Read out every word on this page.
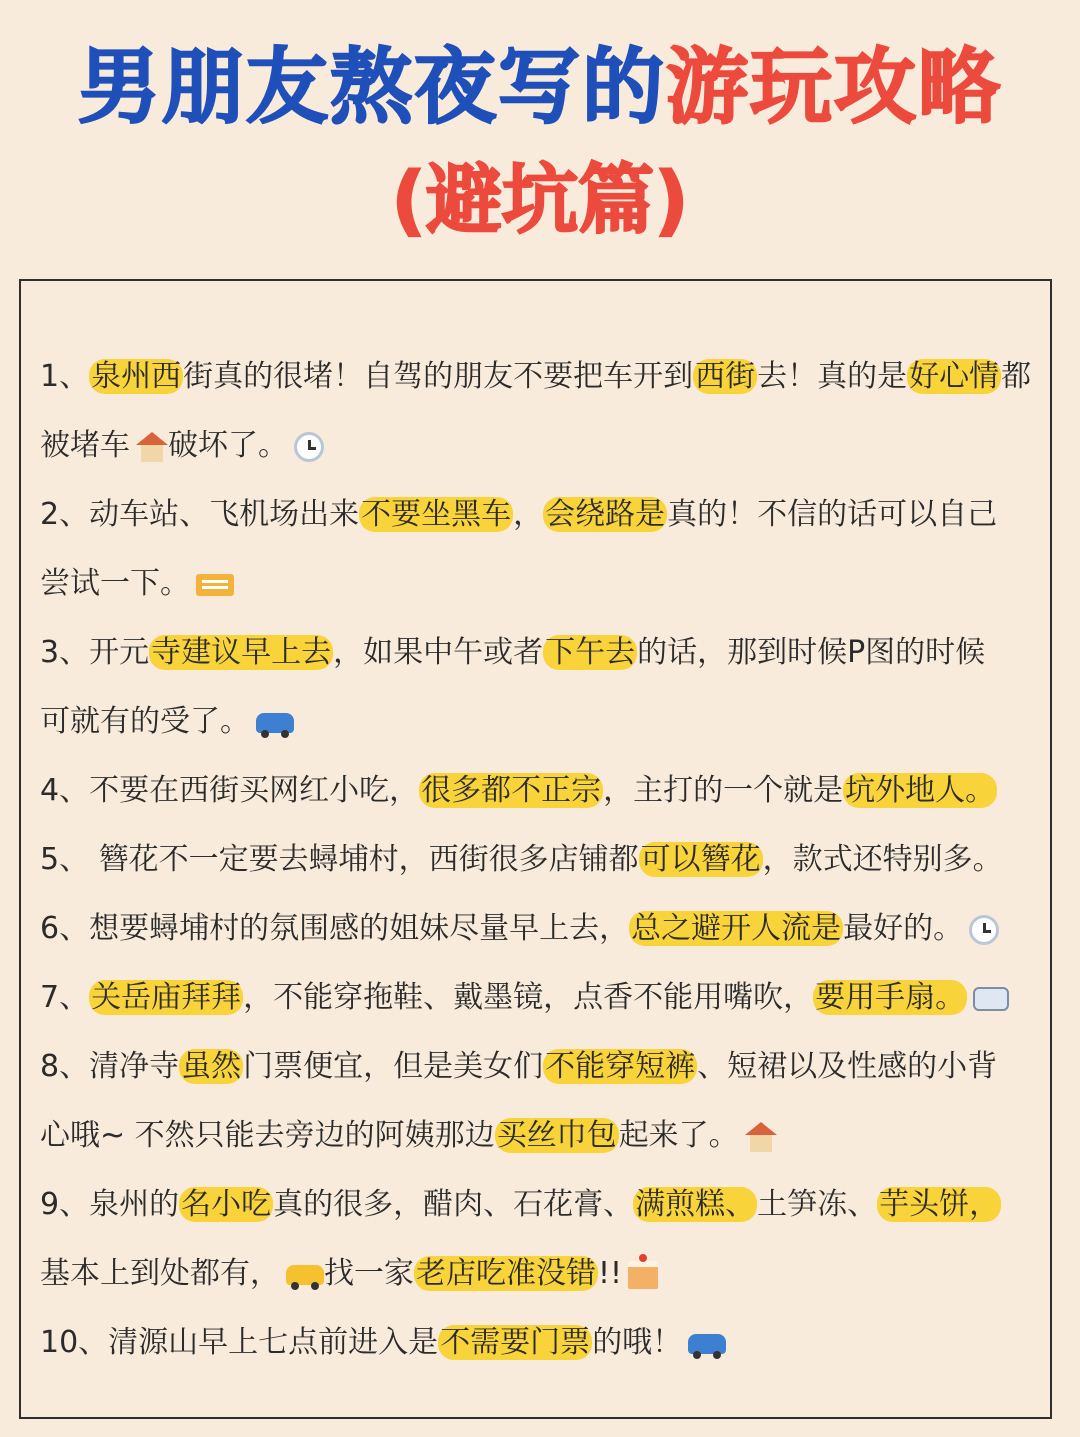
男朋友熬夜写的游玩攻略
(避坑篇)
1、泉州西街真的很堵！自驾的朋友不要把车开到西街去！真的是好心情都
被堵车 破坏了。
2、动车站、飞机场出来不要坐黑车，会绕路是真的！不信的话可以自己
尝试一下。
3、开元寺建议早上去，如果中午或者下午去的话，那到时候P图的时候
可就有的受了。
4、不要在西街买网红小吃，很多都不正宗，主打的一个就是坑外地人。
5、 簪花不一定要去蟳埔村，西街很多店铺都可以簪花，款式还特别多。
6、想要蟳埔村的氛围感的姐妹尽量早上去，总之避开人流是最好的。
7、关岳庙拜拜，不能穿拖鞋、戴墨镜，点香不能用嘴吹，要用手扇。
8、清净寺虽然门票便宜，但是美女们不能穿短裤、短裙以及性感的小背
心哦~ 不然只能去旁边的阿姨那边买丝巾包起来了。
9、泉州的名小吃真的很多，醋肉、石花膏、满煎糕、土笋冻、芋头饼，
基本上到处都有， 找一家老店吃准没错!!
10、清源山早上七点前进入是不需要门票的哦！
